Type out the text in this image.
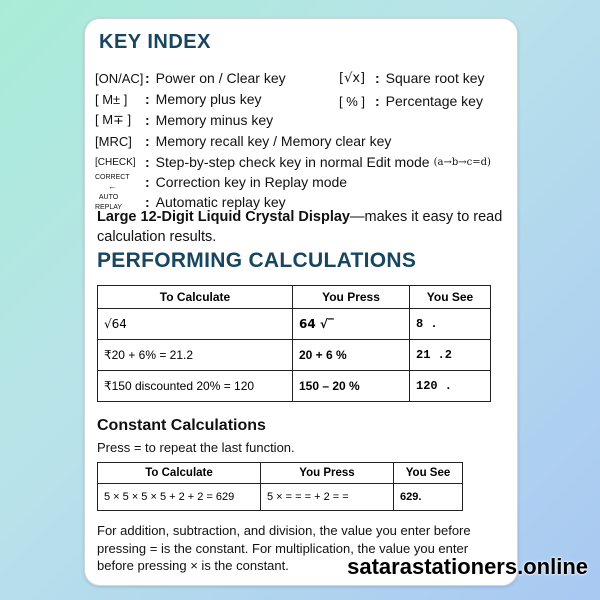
KEY INDEX
[ON/AC] : Power on / Clear key
[ M± ]	: Memory plus key
[ M∓ ] : Memory minus key
[MRC] : Memory recall key / Memory clear key
[CHECK] : Step-by-step check key in normal Edit mode (a→b→c=d)
CORRECT
←	: Correction key in Replay mode
AUTO
REPLAY	: Automatic replay key
[√x] : Square root key
[ % ] : Percentage key
Large 12-Digit Liquid Crystal Display—makes it easy to read calculation results.
PERFORMING CALCULATIONS
To Calculate	You Press	You See
√64	64 √‾	8 .
₹20 + 6% = 21.2	20 + 6 %	21 .2
₹150 discounted 20% = 120	150 – 20 %	120 .
Constant Calculations
Press = to repeat the last function.
To Calculate	You Press	You See
5 × 5 × 5 × 5 + 2 + 2 = 629	5 × = = = + 2 = =	629.
For addition, subtraction, and division, the value you enter before pressing = is the constant. For multiplication, the value you enter before pressing × is the constant.	satarastationers.online
